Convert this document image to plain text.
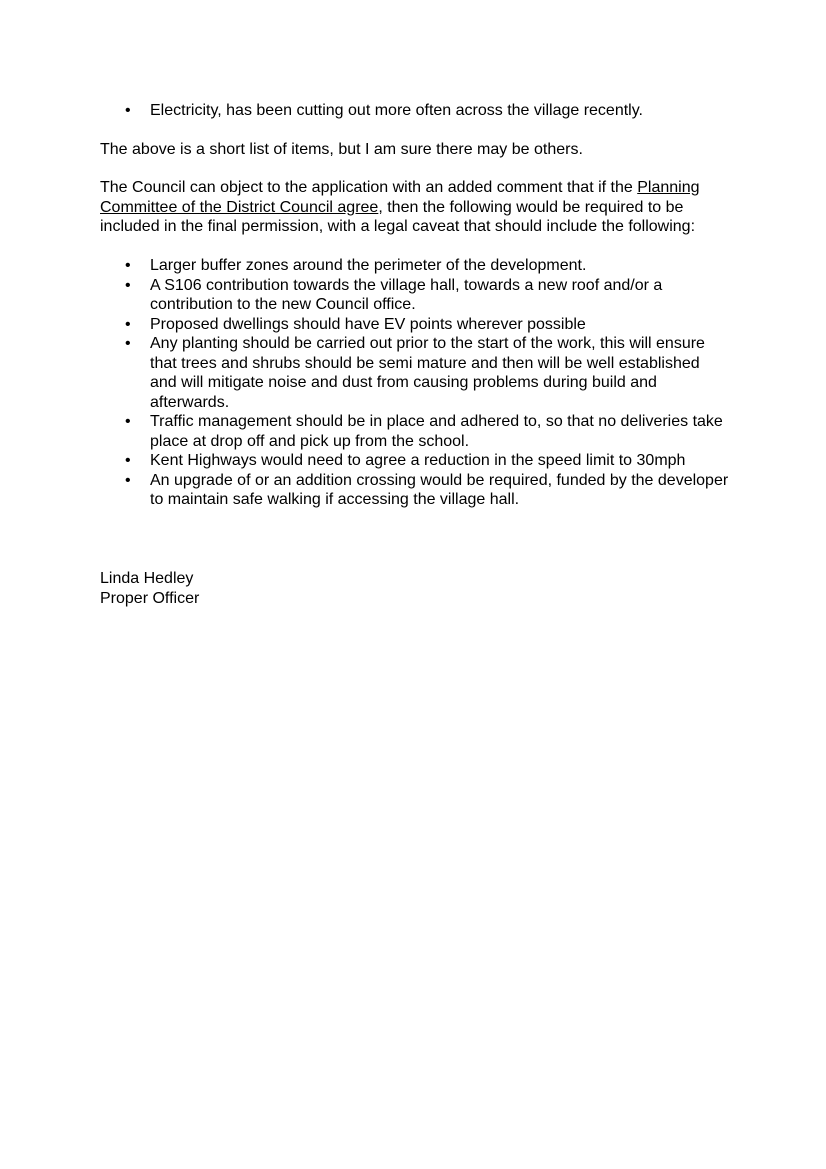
• Electricity, has been cutting out more often across the village recently.

The above is a short list of items, but I am sure there may be others.

The Council can object to the application with an added comment that if the Planning Committee of the District Council agree, then the following would be required to be included in the final permission, with a legal caveat that should include the following:

• Larger buffer zones around the perimeter of the development.
• A S106 contribution towards the village hall, towards a new roof and/or a contribution to the new Council office.
• Proposed dwellings should have EV points wherever possible
• Any planting should be carried out prior to the start of the work, this will ensure that trees and shrubs should be semi mature and then will be well established and will mitigate noise and dust from causing problems during build and afterwards.
• Traffic management should be in place and adhered to, so that no deliveries take place at drop off and pick up from the school.
• Kent Highways would need to agree a reduction in the speed limit to 30mph
• An upgrade of or an addition crossing would be required, funded by the developer to maintain safe walking if accessing the village hall.
Linda Hedley
Proper Officer
